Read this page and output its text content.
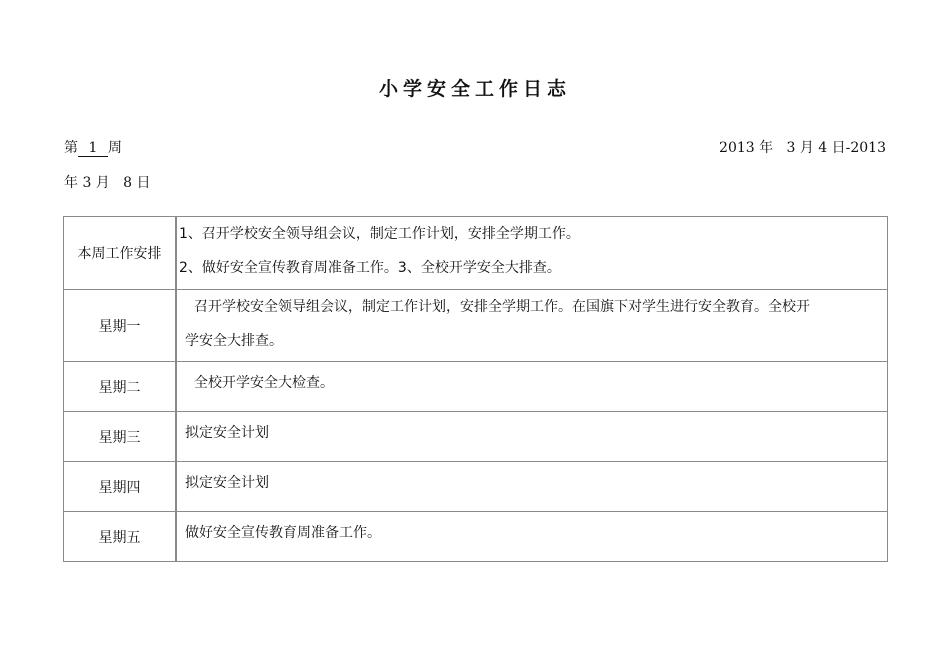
小学安全工作日志
第 1 周	2013 年   3 月 4 日-2013
年 3 月   8 日
本周工作安排	1、召开学校安全领导组会议，制定工作计划，安排全学期工作。
2、做好安全宣传教育周准备工作。3、全校开学安全大排查。

星期一	召开学校安全领导组会议，制定工作计划，安排全学期工作。在国旗下对学生进行安全教育。全校开
学安全大排查。

星期二	全校开学安全大检查。

星期三	拟定安全计划

星期四	拟定安全计划

星期五	做好安全宣传教育周准备工作。
